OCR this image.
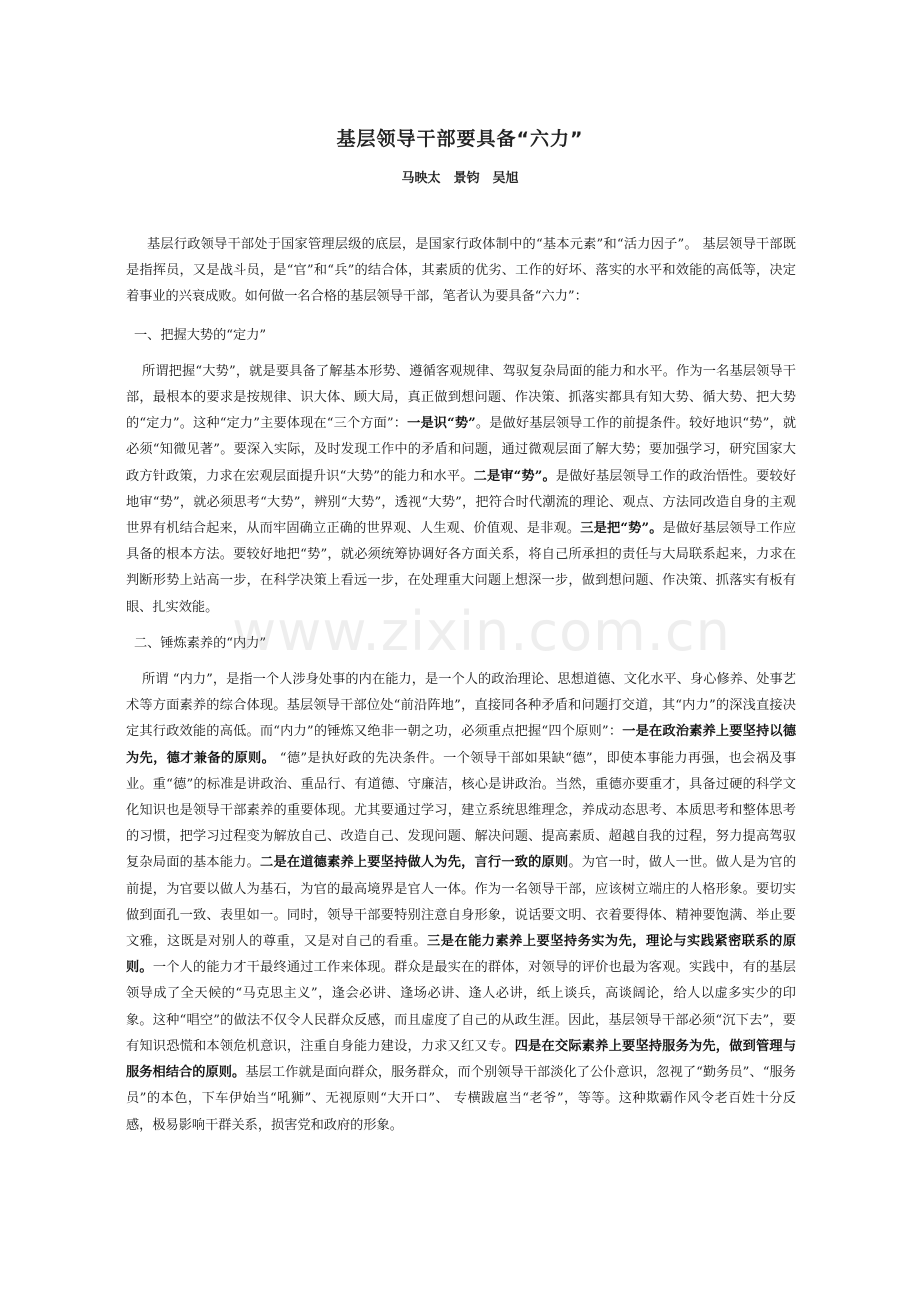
基层领导干部要具备“六力”
马映太　景钧　吴旭

基层行政领导干部处于国家管理层级的底层，是国家行政体制中的“基本元素”和“活力因子”。 基层领导干部既是指挥员，又是战斗员，是“官”和“兵”的结合体，其素质的优劣、工作的好坏、落实的水平和效能的高低等，决定着事业的兴衰成败。如何做一名合格的基层领导干部，笔者认为要具备“六力”：

一、把握大势的“定力”

所谓把握“大势”，就是要具备了解基本形势、遵循客观规律、驾驭复杂局面的能力和水平。作为一名基层领导干部，最根本的要求是按规律、识大体、顾大局，真正做到想问题、作决策、抓落实都具有知大势、循大势、把大势的“定力”。这种“定力”主要体现在“三个方面”：一是识“势”。是做好基层领导工作的前提条件。较好地识“势”，就必须“知微见著”。要深入实际，及时发现工作中的矛盾和问题，通过微观层面了解大势；要加强学习，研究国家大政方针政策，力求在宏观层面提升识“大势”的能力和水平。二是审“势”。是做好基层领导工作的政治悟性。要较好地审“势”，就必须思考“大势”，辨别“大势”，透视“大势”，把符合时代潮流的理论、观点、方法同改造自身的主观世界有机结合起来，从而牢固确立正确的世界观、人生观、价值观、是非观。三是把“势”。是做好基层领导工作应具备的根本方法。要较好地把“势”，就必须统筹协调好各方面关系，将自己所承担的责任与大局联系起来，力求在判断形势上站高一步，在科学决策上看远一步，在处理重大问题上想深一步，做到想问题、作决策、抓落实有板有眼、扎实效能。

二、锤炼素养的“内力”

所谓 “内力”，是指一个人涉身处事的内在能力，是一个人的政治理论、思想道德、文化水平、身心修养、处事艺术等方面素养的综合体现。基层领导干部位处“前沿阵地”，直接同各种矛盾和问题打交道，其“内力”的深浅直接决定其行政效能的高低。而“内力”的锤炼又绝非一朝之功，必须重点把握“四个原则”：一是在政治素养上要坚持以德为先，德才兼备的原则。 “德”是执好政的先决条件。一个领导干部如果缺“德”，即使本事能力再强，也会祸及事业。重“德”的标准是讲政治、重品行、有道德、守廉洁，核心是讲政治。当然，重德亦要重才，具备过硬的科学文化知识也是领导干部素养的重要体现。尤其要通过学习，建立系统思维理念，养成动态思考、本质思考和整体思考的习惯，把学习过程变为解放自己、改造自己、发现问题、解决问题、提高素质、超越自我的过程，努力提高驾驭复杂局面的基本能力。二是在道德素养上要坚持做人为先，言行一致的原则。为官一时，做人一世。做人是为官的前提，为官要以做人为基石，为官的最高境界是官人一体。作为一名领导干部，应该树立端庄的人格形象。要切实做到面孔一致、表里如一。同时，领导干部要特别注意自身形象，说话要文明、衣着要得体、精神要饱满、举止要文雅，这既是对别人的尊重，又是对自己的看重。三是在能力素养上要坚持务实为先，理论与实践紧密联系的原则。一个人的能力才干最终通过工作来体现。群众是最实在的群体，对领导的评价也最为客观。实践中，有的基层领导成了全天候的“马克思主义”，逢会必讲、逢场必讲、逢人必讲，纸上谈兵，高谈阔论，给人以虚多实少的印象。这种“唱空”的做法不仅令人民群众反感，而且虚度了自己的从政生涯。因此，基层领导干部必须“沉下去”，要有知识恐慌和本领危机意识，注重自身能力建设，力求又红又专。四是在交际素养上要坚持服务为先，做到管理与服务相结合的原则。基层工作就是面向群众，服务群众，而个别领导干部淡化了公仆意识，忽视了“勤务员”、“服务员”的本色，下车伊始当“吼狮”、无视原则“大开口”、 专横跋扈当“老爷”，等等。这种欺霸作风令老百姓十分反感，极易影响干群关系，损害党和政府的形象。

www.zixin.com.cn
